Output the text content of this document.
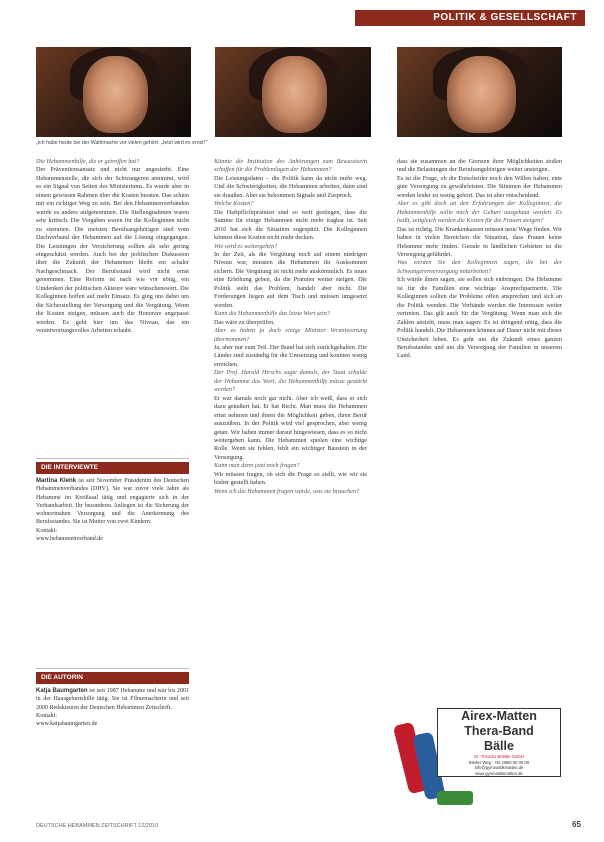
POLITIK & GESELLSCHAFT
„Ich habe heute bei der Wahlmache vor vielen gehört: ‚Jetzt wird es ernst!‘“

Die Hebammenhilfe, die er getroffen hat?

Der Präventionsansatz und nicht nur angestrebt. Eine Hebammenstelle, die sich der Schwangeren annimmt, wird so ein Signal von Seiten des Ministeriums. Es wurde aber in einem gewissen Rahmen über die Kosten beraten. Das schien mir ein richtiger Weg zu sein. Bei den Hebammenverbänden wurde es anders aufgenommen. Die Stellungnahmen waren sehr kritisch. Die Vorgaben waren für die Kolleginnen nicht zu stemmen. Die meisten Berufsangehörigen sind vom Dachverband der Hebammen auf die Lösung eingegangen. Die Leistungen der Versicherung sollten als sehr gering eingeschätzt werden. Auch bei der politischen Diskussion über die Zukunft der Hebammen bleibt ein schaler Nachgeschmack. Der Berufsstand wird nicht ernst genommen. Eine Reform ist nach wie vor nötig, ein Umdenken der politischen Akteure wäre wünschenswert. Die Kolleginnen hoffen auf mehr Einsatz. Es ging uns dabei um die Sicherstellung der Versorgung und die Vergütung. Wenn die Kosten steigen, müssen auch die Honorare angepasst werden. Es geht hier um das Niveau, das ein verantwortungsvolles Arbeiten erlaubt.

Könnte die Institution des Anhörungen zum Bewusstsein schaffen für die Problemlagen der Hebammen?

Die Leistungsdaten – die Politik kann da nicht mehr weg. Und die Schwierigkeiten, die Hebammen arbeiten, dann sind sie draußen. Aber sie bekommen Signale und Zuspruch.

Welche Kosten?

Die Haftpflichtprämien sind so weit gestiegen, dass die Summe für einige Hebammen nicht mehr tragbar ist. Seit 2010 hat sich die Situation zugespitzt. Die Kolleginnen können diese Kosten nicht mehr decken.

Wie wird es weitergehen?

In der Zeit, als die Vergütung noch auf einem niedrigen Niveau war, mussten die Hebammen ihr Auskommen sichern. Die Vergütung ist nicht mehr auskömmlich. Es muss eine Erhöhung geben, da die Prämien weiter steigen. Die Politik sieht das Problem, handelt aber nicht. Die Forderungen liegen auf dem Tisch und müssen umgesetzt werden.

Kann die Hebammenhilfe das letzte Wort sein?

Das wäre zu überprüfen.

Aber es haben ja doch einige Minister Verantwortung übernommen?

Ja, aber nur zum Teil. Der Bund hat sich zurückgehalten. Die Länder sind zuständig für die Umsetzung und konnten wenig erreichen.

Der Prof. Harald Hirschs sagte damals, der Staat schulde der Hebamme das Wort, die Hebammenhilfe müsse gestärkt werden?

Er war damals noch gar nicht. Aber ich weiß, dass er sich dazu geäußert hat. Er hat Recht. Man muss die Hebammen ernst nehmen und ihnen die Möglichkeit geben, ihren Beruf auszuüben. In der Politik wird viel gesprochen, aber wenig getan. Wir haben immer darauf hingewiesen, dass es so nicht weitergehen kann. Die Hebammen spielen eine wichtige Rolle. Wenn sie fehlen, fehlt ein wichtiger Baustein in der Versorgung.

Kann man denn jetzt noch fragen?

Wir müssen fragen, ob sich die Frage so stellt, wie wir sie bisher gestellt haben.

Wenn ich die Hebammen fragen würde, was sie brauchen?

dass sie zusammen an die Grenzen ihrer Möglichkeiten stoßen und die Belastungen der Berufsangehörigen weiter ansteigen.

Es ist die Frage, ob die Entscheider noch den Willen haben, eine gute Versorgung zu gewährleisten. Die Stimmen der Hebammen werden leider zu wenig gehört. Das ist aber entscheidend.

Aber es gibt doch an den Erfahrungen der Kolleginnen, die Hebammenhilfe sollte nach der Geburt ausgebaut werden. Es heißt, zeitgleich werden die Kosten für die Frauen steigen?

Das ist richtig. Die Krankenkassen müssen neue Wege finden. Wir haben in vielen Bereichen die Situation, dass Frauen keine Hebamme mehr finden. Gerade in ländlichen Gebieten ist die Versorgung gefährdet.

Was werden Sie den Kolleginnen sagen, die bei der Schwangerenversorgung mitarbeiten?

Ich würde ihnen sagen, sie sollen sich einbringen. Die Hebamme ist für die Familien eine wichtige Ansprechpartnerin. Die Kolleginnen sollten die Probleme offen ansprechen und sich an die Politik wenden. Die Verbände werden die Interessen weiter vertreten. Das gilt auch für die Vergütung. Wenn man sich die Zahlen ansieht, muss man sagen: Es ist dringend nötig, dass die Politik handelt. Die Hebammen können auf Dauer nicht mit dieser Unsicherheit leben. Es geht um die Zukunft eines ganzen Berufsstandes und um die Versorgung der Familien in unserem Land.

DIE INTERVIEWTE
Martina Klenk ist seit November Präsidentin des Deutschen Hebammenverbandes (DHV). Sie war zuvor viele Jahre als Hebamme im Kreißsaal tätig und engagierte sich in der Verbandsarbeit. Ihr besonderes Anliegen ist die Sicherung der wohnortnahen Versorgung und die Anerkennung des Berufsstandes. Sie ist Mutter von zwei Kindern.
Kontakt:
www.hebammenverband.de
DIE AUTORIN
Katja Baumgarten ist seit 1987 Hebamme und war bis 2001 in der Hausgeburtshilfe tätig. Sie ist Filmemacherin und seit 2000 Redakteurin der Deutschen Hebammen Zeitschrift.
Kontakt:
www.katjabaumgarten.de
Airex-Matten
Thera-Band
Bälle
Dr. Theodor Brüstle GmbH
Breiter Weg · Tel. 0800 00 00 00
info@gymnastikmatten.de
www.gymnastikmatten.de
DEUTSCHE HEBAMMEN ZEITSCHRIFT 12/2010	65
